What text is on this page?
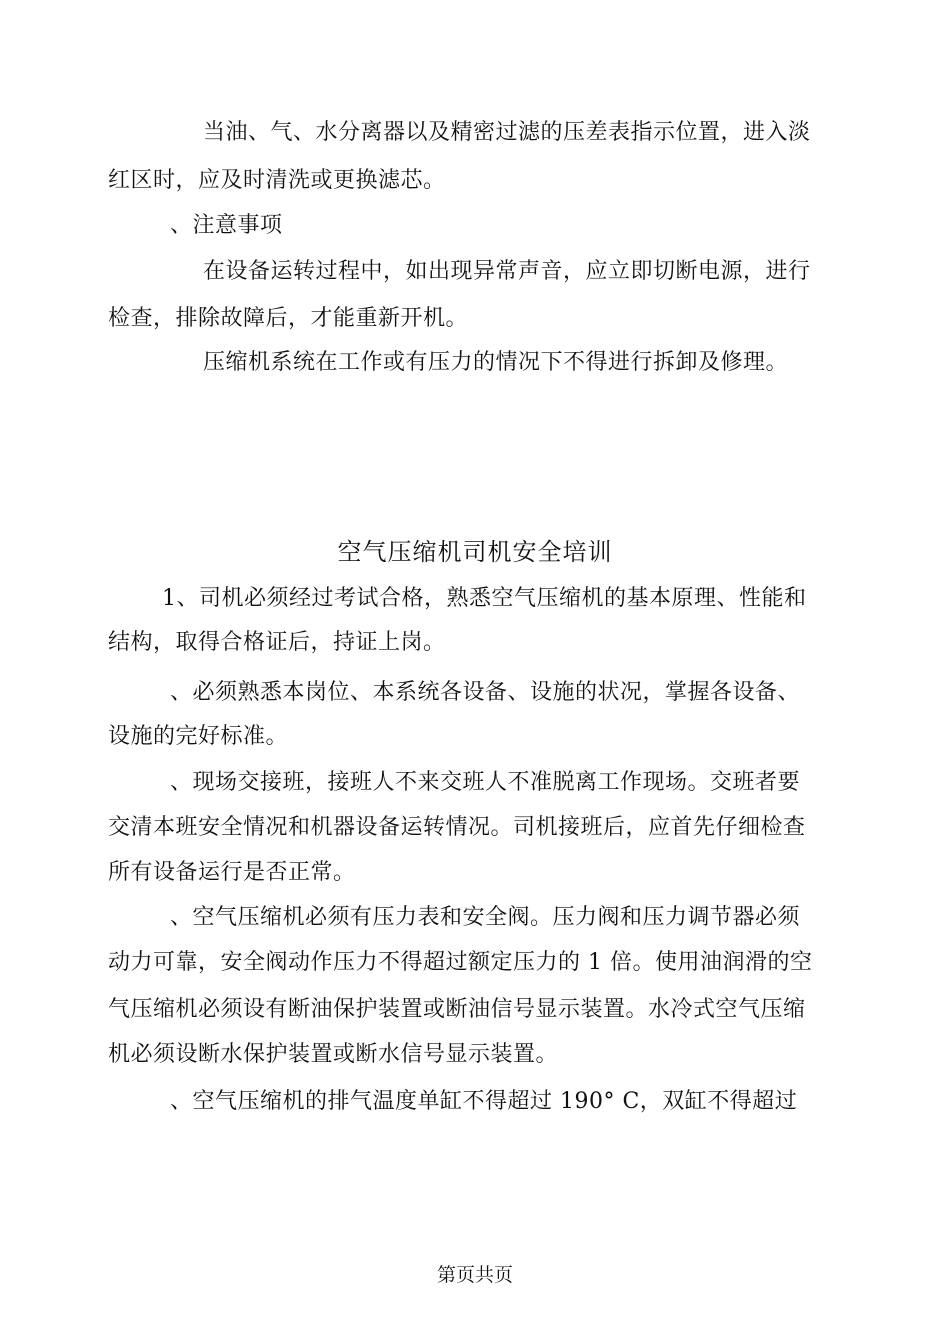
当油、气、水分离器以及精密过滤的压差表指示位置，进入淡
红区时，应及时清洗或更换滤芯。
、注意事项
在设备运转过程中，如出现异常声音，应立即切断电源，进行
检查，排除故障后，才能重新开机。
压缩机系统在工作或有压力的情况下不得进行拆卸及修理。
空气压缩机司机安全培训
1、司机必须经过考试合格，熟悉空气压缩机的基本原理、性能和
结构，取得合格证后，持证上岗。
、必须熟悉本岗位、本系统各设备、设施的状况，掌握各设备、
设施的完好标准。
、现场交接班，接班人不来交班人不准脱离工作现场。交班者要
交清本班安全情况和机器设备运转情况。司机接班后，应首先仔细检查
所有设备运行是否正常。
、空气压缩机必须有压力表和安全阀。压力阀和压力调节器必须
动力可靠，安全阀动作压力不得超过额定压力的 1 倍。使用油润滑的空
气压缩机必须设有断油保护装置或断油信号显示装置。水冷式空气压缩
机必须设断水保护装置或断水信号显示装置。
、空气压缩机的排气温度单缸不得超过 190° C，双缸不得超过
第页共页
